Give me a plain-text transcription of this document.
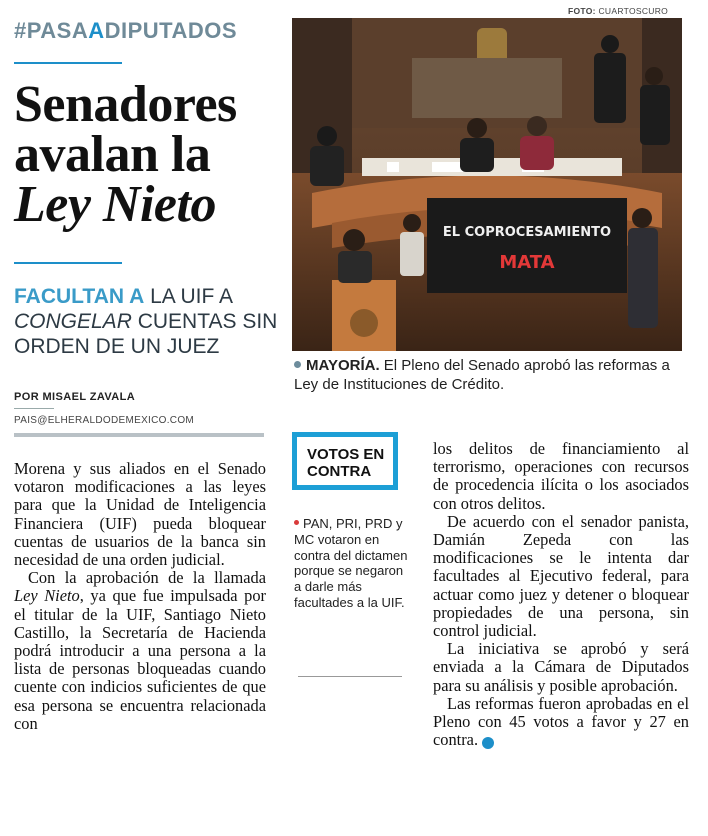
#PASAADIPUTADOS
Senadores
avalan la
Ley Nieto
FACULTAN A LA UIF A CONGELAR CUENTAS SIN ORDEN DE UN JUEZ
POR MISAEL ZAVALA
PAIS@ELHERALDODEMEXICO.COM

Morena y sus aliados en el Senado votaron modificaciones a las leyes para que la Unidad de Inteligencia Financiera (UIF) pueda bloquear cuentas de usuarios de la banca sin necesidad de una orden judicial.

Con la aprobación de la llamada Ley Nieto, ya que fue impulsada por el titular de la UIF, Santiago Nieto Castillo, la Secretaría de Hacienda podrá introducir a una persona a la lista de personas bloqueadas cuando cuente con indicios suficientes de que esa persona se encuentra relacionada con

FOTO: CUARTOSCURO
EL COPROCESAMIENTO
MATA
MAYORÍA. El Pleno del Senado aprobó las reformas a Ley de Instituciones de Crédito.
VOTOS EN CONTRA
PAN, PRI, PRD y MC votaron en contra del dictamen porque se negaron a darle más facultades a la UIF.

los delitos de financiamiento al terrorismo, operaciones con recursos de procedencia ilícita o los asociados con otros delitos.

De acuerdo con el senador panista, Damián Zepeda con las modificaciones se le intenta dar facultades al Ejecutivo federal, para actuar como juez y detener o bloquear propiedades de una persona, sin control judicial.

La iniciativa se aprobó y será enviada a la Cámara de Diputados para su análisis y posible aprobación.

Las reformas fueron aprobadas en el Pleno con 45 votos a favor y 27 en contra. H
